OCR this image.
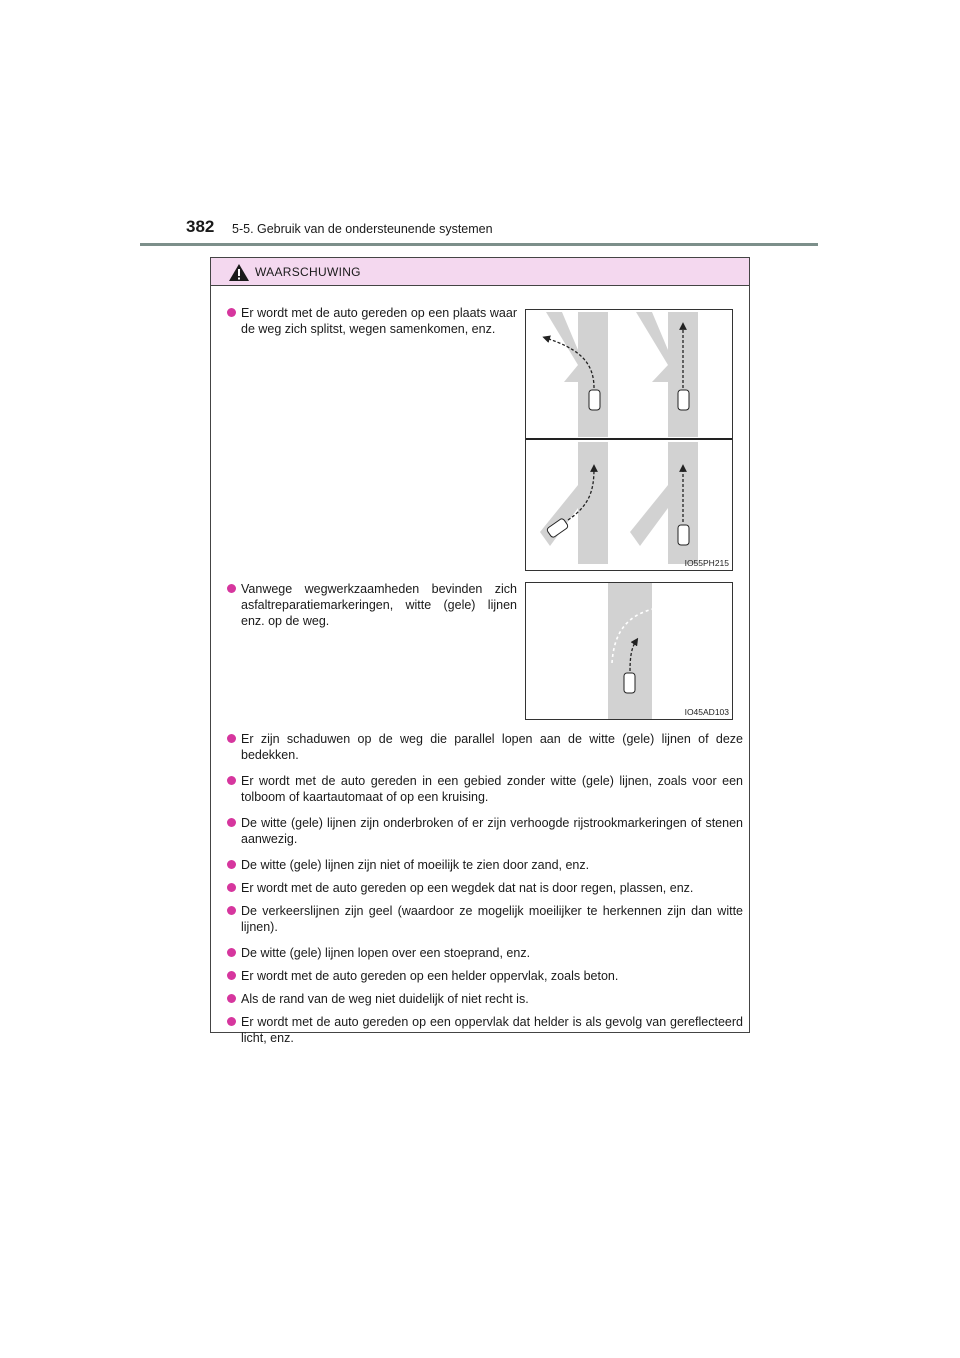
382 5-5. Gebruik van de ondersteunende systemen
WAARSCHUWING
Er wordt met de auto gereden op een plaats waar de weg zich splitst, wegen samenkomen, enz.
Vanwege wegwerkzaamheden bevinden zich asfaltreparatiemarkeringen, witte (gele) lijnen enz. op de weg.
IO55PH215
IO45AD103
Er zijn schaduwen op de weg die parallel lopen aan de witte (gele) lijnen of deze bedekken.
Er wordt met de auto gereden in een gebied zonder witte (gele) lijnen, zoals voor een tolboom of kaartautomaat of op een kruising.
De witte (gele) lijnen zijn onderbroken of er zijn verhoogde rijstrookmarkeringen of stenen aanwezig.
De witte (gele) lijnen zijn niet of moeilijk te zien door zand, enz.
Er wordt met de auto gereden op een wegdek dat nat is door regen, plassen, enz.
De verkeerslijnen zijn geel (waardoor ze mogelijk moeilijker te herkennen zijn dan witte lijnen).
De witte (gele) lijnen lopen over een stoeprand, enz.
Er wordt met de auto gereden op een helder oppervlak, zoals beton.
Als de rand van de weg niet duidelijk of niet recht is.
Er wordt met de auto gereden op een oppervlak dat helder is als gevolg van gereflecteerd licht, enz.
